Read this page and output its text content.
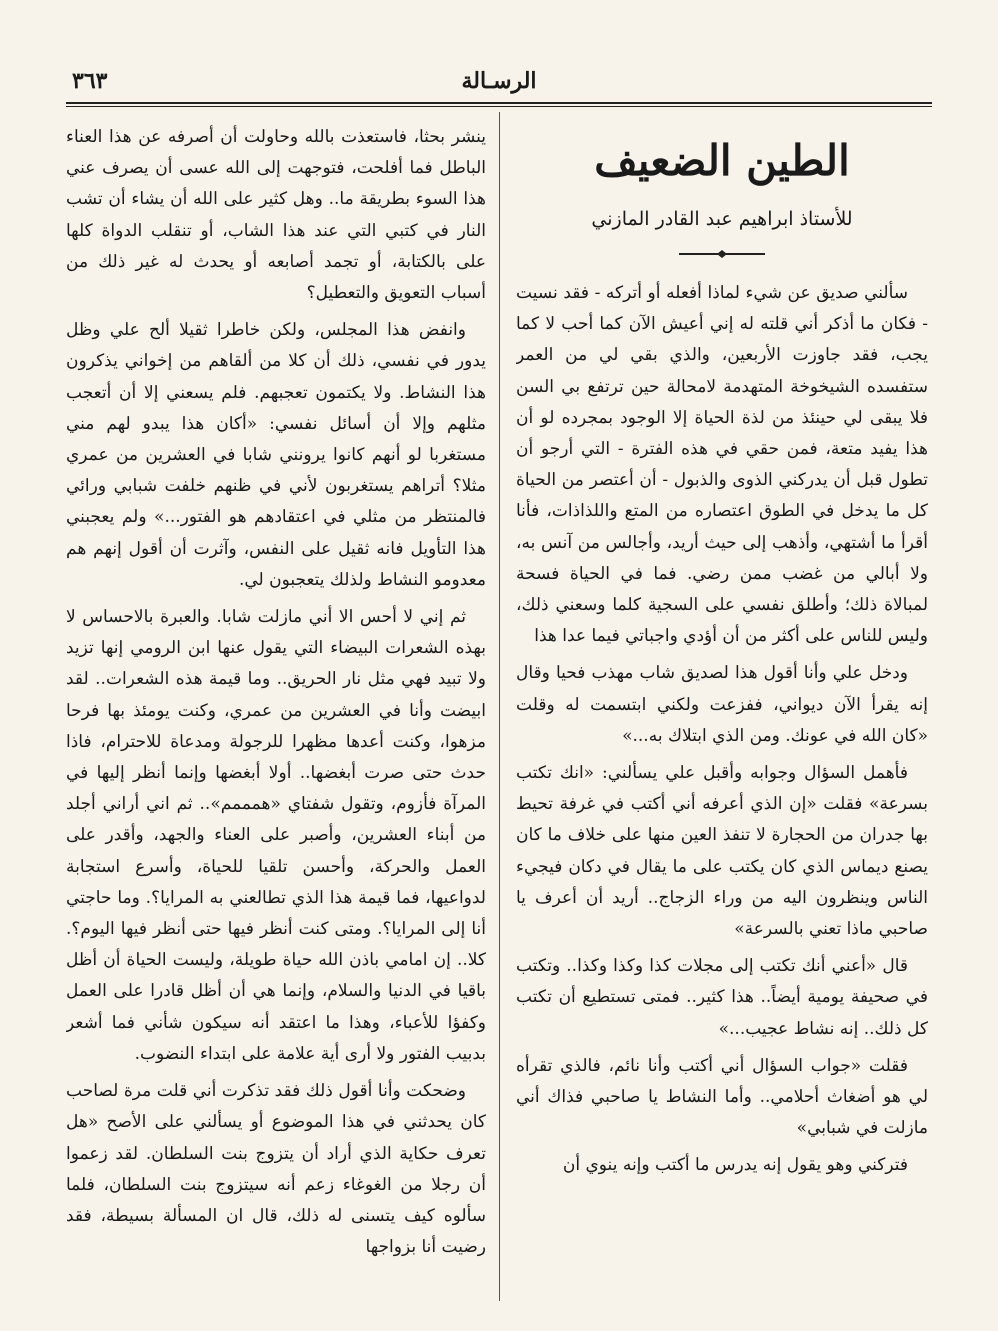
الرسـالة
٣٦٣
الطين الضعيف
للأستاذ ابراهيم عبد القادر المازني

سألني صديق عن شيء لماذا أفعله أو أتركه - فقد نسيت - فكان ما أذكر أني قلته له إني أعيش الآن كما أحب لا كما يجب، فقد جاوزت الأربعين، والذي بقي لي من العمر ستفسده الشيخوخة المتهدمة لامحالة حين ترتفع بي السن فلا يبقى لي حينئذ من لذة الحياة إلا الوجود بمجرده لو أن هذا يفيد متعة، فمن حقي في هذه الفترة - التي أرجو أن تطول قبل أن يدركني الذوى والذبول - أن أعتصر من الحياة كل ما يدخل في الطوق اعتصاره من المتع واللذاذات، فأنا أقرأ ما أشتهي، وأذهب إلى حيث أريد، وأجالس من آنس به، ولا أبالي من غضب ممن رضي. فما في الحياة فسحة لمبالاة ذلك؛ وأطلق نفسي على السجية كلما وسعني ذلك، وليس للناس على أكثر من أن أؤدي واجباتي فيما عدا هذا

ودخل علي وأنا أقول هذا لصديق شاب مهذب فحيا وقال إنه يقرأ الآن ديواني، ففزعت ولكني ابتسمت له وقلت «كان الله في عونك. ومن الذي ابتلاك به...»

فأهمل السؤال وجوابه وأقبل علي يسألني: «انك تكتب بسرعة» فقلت «إن الذي أعرفه أني أكتب في غرفة تحيط بها جدران من الحجارة لا تنفذ العين منها على خلاف ما كان يصنع ديماس الذي كان يكتب على ما يقال في دكان فيجيء الناس وينظرون اليه من وراء الزجاج.. أريد أن أعرف يا صاحبي ماذا تعني بالسرعة»

قال «أعني أنك تكتب إلى مجلات كذا وكذا وكذا.. وتكتب في صحيفة يومية أيضاً.. هذا كثير.. فمتى تستطيع أن تكتب كل ذلك.. إنه نشاط عجيب...»

فقلت «جواب السؤال أني أكتب وأنا نائم، فالذي تقرأه لي هو أضغاث أحلامي.. وأما النشاط يا صاحبي فذاك أني مازلت في شبابي»

فتركني وهو يقول إنه يدرس ما أكتب وإنه ينوي أن

ينشر بحثا، فاستعذت بالله وحاولت أن أصرفه عن هذا العناء الباطل فما أفلحت، فتوجهت إلى الله عسى أن يصرف عني هذا السوء بطريقة ما.. وهل كثير على الله أن يشاء أن تشب النار في كتبي التي عند هذا الشاب، أو تنقلب الدواة كلها على بالكتابة، أو تجمد أصابعه أو يحدث له غير ذلك من أسباب التعويق والتعطيل؟

وانفض هذا المجلس، ولكن خاطرا ثقيلا ألح علي وظل يدور في نفسي، ذلك أن كلا من ألقاهم من إخواني يذكرون هذا النشاط. ولا يكتمون تعجبهم. فلم يسعني إلا أن أتعجب مثلهم وإلا أن أسائل نفسي: «أكان هذا يبدو لهم مني مستغربا لو أنهم كانوا يرونني شابا في العشرين من عمري مثلا؟ أتراهم يستغربون لأني في ظنهم خلفت شبابي ورائي فالمنتظر من مثلي في اعتقادهم هو الفتور...» ولم يعجبني هذا التأويل فانه ثقيل على النفس، وآثرت أن أقول إنهم هم معدومو النشاط ولذلك يتعجبون لي.

ثم إني لا أحس الا أني مازلت شابا. والعبرة بالاحساس لا بهذه الشعرات البيضاء التي يقول عنها ابن الرومي إنها تزيد ولا تبيد فهي مثل نار الحريق.. وما قيمة هذه الشعرات.. لقد ابيضت وأنا في العشرين من عمري، وكنت يومئذ بها فرحا مزهوا، وكنت أعدها مظهرا للرجولة ومدعاة للاحترام، فاذا حدث حتى صرت أبغضها.. أولا أبغضها وإنما أنظر إليها في المرآة فأزوم، وتقول شفتاي «همممم».. ثم اني أراني أجلد من أبناء العشرين، وأصبر على العناء والجهد، وأقدر على العمل والحركة، وأحسن تلقيا للحياة، وأسرع استجابة لدواعيها، فما قيمة هذا الذي تطالعني به المرايا؟. وما حاجتي أنا إلى المرايا؟. ومتى كنت أنظر فيها حتى أنظر فيها اليوم؟. كلا.. إن امامي باذن الله حياة طويلة، وليست الحياة أن أظل باقيا في الدنيا والسلام، وإنما هي أن أظل قادرا على العمل وكفؤا للأعباء، وهذا ما اعتقد أنه سيكون شأني فما أشعر بدبيب الفتور ولا أرى أية علامة على ابتداء النضوب.

وضحكت وأنا أقول ذلك فقد تذكرت أني قلت مرة لصاحب كان يحدثني في هذا الموضوع أو يسألني على الأصح «هل تعرف حكاية الذي أراد أن يتزوج بنت السلطان. لقد زعموا أن رجلا من الغوغاء زعم أنه سيتزوج بنت السلطان، فلما سألوه كيف يتسنى له ذلك، قال ان المسألة بسيطة، فقد رضيت أنا بزواجها
